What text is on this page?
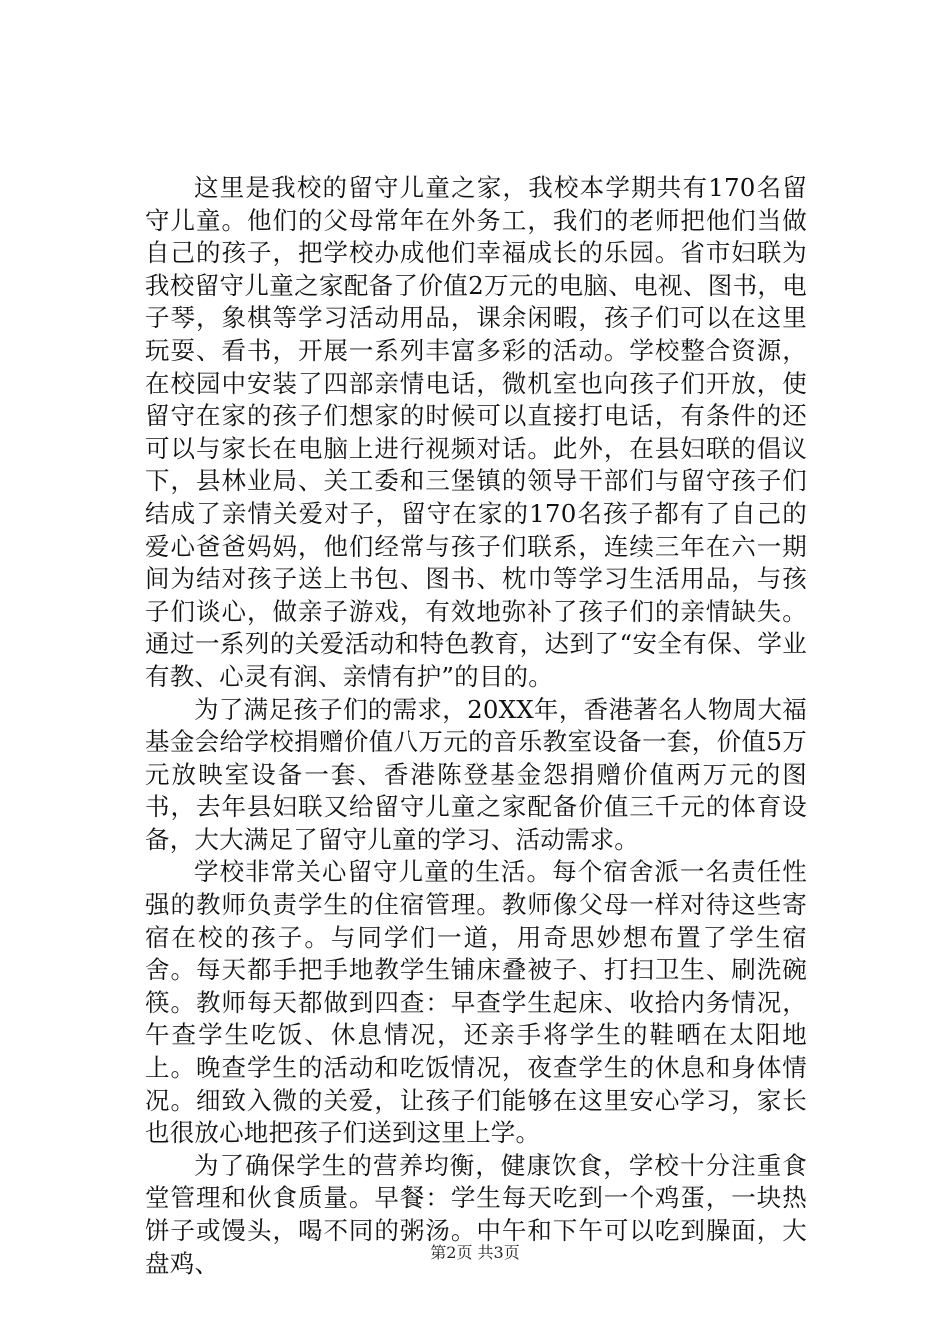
这里是我校的留守儿童之家，我校本学期共有170名留守儿童。他们的父母常年在外务工，我们的老师把他们当做自己的孩子，把学校办成他们幸福成长的乐园。省市妇联为我校留守儿童之家配备了价值2万元的电脑、电视、图书，电子琴，象棋等学习活动用品，课余闲暇，孩子们可以在这里玩耍、看书，开展一系列丰富多彩的活动。学校整合资源，在校园中安装了四部亲情电话，微机室也向孩子们开放，使留守在家的孩子们想家的时候可以直接打电话，有条件的还可以与家长在电脑上进行视频对话。此外，在县妇联的倡议下，县林业局、关工委和三堡镇的领导干部们与留守孩子们结成了亲情关爱对子，留守在家的170名孩子都有了自己的爱心爸爸妈妈，他们经常与孩子们联系，连续三年在六一期间为结对孩子送上书包、图书、枕巾等学习生活用品，与孩子们谈心，做亲子游戏，有效地弥补了孩子们的亲情缺失。通过一系列的关爱活动和特色教育，达到了“安全有保、学业有教、心灵有润、亲情有护”的目的。

为了满足孩子们的需求，20XX年，香港著名人物周大福基金会给学校捐赠价值八万元的音乐教室设备一套，价值5万元放映室设备一套、香港陈登基金怨捐赠价值两万元的图书，去年县妇联又给留守儿童之家配备价值三千元的体育设备，大大满足了留守儿童的学习、活动需求。

学校非常关心留守儿童的生活。每个宿舍派一名责任性强的教师负责学生的住宿管理。教师像父母一样对待这些寄宿在校的孩子。与同学们一道，用奇思妙想布置了学生宿舍。每天都手把手地教学生铺床叠被子、打扫卫生、刷洗碗筷。教师每天都做到四查：早查学生起床、收拾内务情况，午查学生吃饭、休息情况，还亲手将学生的鞋晒在太阳地上。晚查学生的活动和吃饭情况，夜查学生的休息和身体情况。细致入微的关爱，让孩子们能够在这里安心学习，家长也很放心地把孩子们送到这里上学。

为了确保学生的营养均衡，健康饮食，学校十分注重食堂管理和伙食质量。早餐：学生每天吃到一个鸡蛋，一块热饼子或馒头，喝不同的粥汤。中午和下午可以吃到臊面，大盘鸡、	第2页 共3页
